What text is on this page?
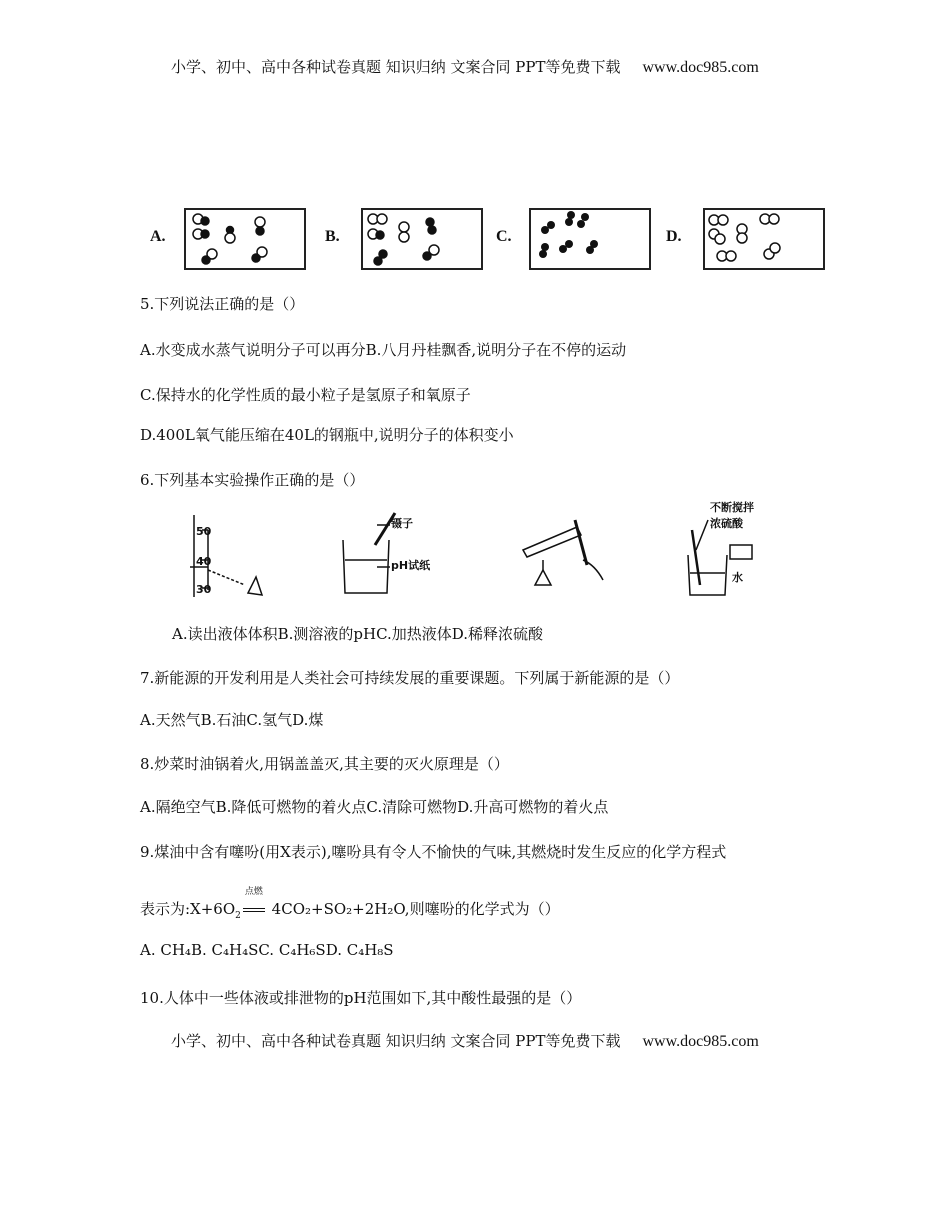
小学、初中、高中各种试卷真题 知识归纳 文案合同 PPT等免费下载 www.doc985.com
A.	B.	C.	D.
5.下列说法正确的是（）
A.水变成水蒸气说明分子可以再分B.八月丹桂飘香,说明分子在不停的运动
C.保持水的化学性质的最小粒子是氢原子和氧原子
D.400L氧气能压缩在40L的钢瓶中,说明分子的体积变小
6.下列基本实验操作正确的是（）
50
40
30
镊子
pH试纸
不断搅拌
浓硫酸
水
A.读出液体体积B.测溶液的pHC.加热液体D.稀释浓硫酸
7.新能源的开发利用是人类社会可持续发展的重要课题。下列属于新能源的是（）
A.天然气B.石油C.氢气D.煤
8.炒菜时油锅着火,用锅盖盖灭,其主要的灭火原理是（）
A.隔绝空气B.降低可燃物的着火点C.清除可燃物D.升高可燃物的着火点
9.煤油中含有噻吩(用X表示),噻吩具有令人不愉快的气味,其燃烧时发生反应的化学方程式
表示为$:X+6O_2$
点燃
4CO₂+SO₂+2H₂O,则噻吩的化学式为（）
A. CH₄B. C₄H₄SC. C₄H₆SD. C₄H₈S
10.人体中一些体液或排泄物的pH范围如下,其中酸性最强的是（）
小学、初中、高中各种试卷真题 知识归纳 文案合同 PPT等免费下载 www.doc985.com
